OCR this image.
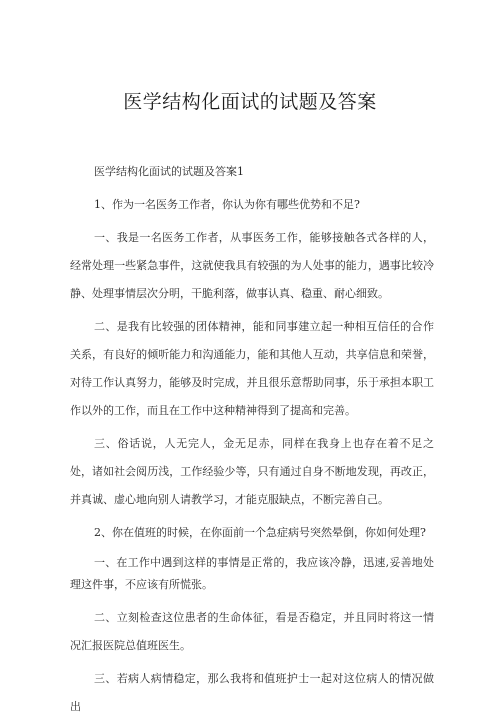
医学结构化面试的试题及答案

医学结构化面试的试题及答案1

1、作为一名医务工作者，你认为你有哪些优势和不足?

一、我是一名医务工作者，从事医务工作，能够接触各式各样的人，经常处理一些紧急事件，这就使我具有较强的为人处事的能力，遇事比较冷静、处理事情层次分明，干脆利落，做事认真、稳重、耐心细致。

二、是我有比较强的团体精神，能和同事建立起一种相互信任的合作关系，有良好的倾听能力和沟通能力，能和其他人互动，共享信息和荣誉，对待工作认真努力，能够及时完成，并且很乐意帮助同事，乐于承担本职工作以外的工作，而且在工作中这种精神得到了提高和完善。

三、俗话说，人无完人，金无足赤，同样在我身上也存在着不足之处，诸如社会阅历浅，工作经验少等，只有通过自身不断地发现，再改正，并真诚、虚心地向别人请教学习，才能克服缺点，不断完善自己。

2、你在值班的时候，在你面前一个急症病号突然晕倒，你如何处理?

一、在工作中遇到这样的事情是正常的，我应该冷静，迅速,妥善地处理这件事，不应该有所慌张。

二、立刻检查这位患者的生命体征，看是否稳定，并且同时将这一情况汇报医院总值班医生。

三、若病人病情稳定，那么我将和值班护士一起对这位病人的情况做出
